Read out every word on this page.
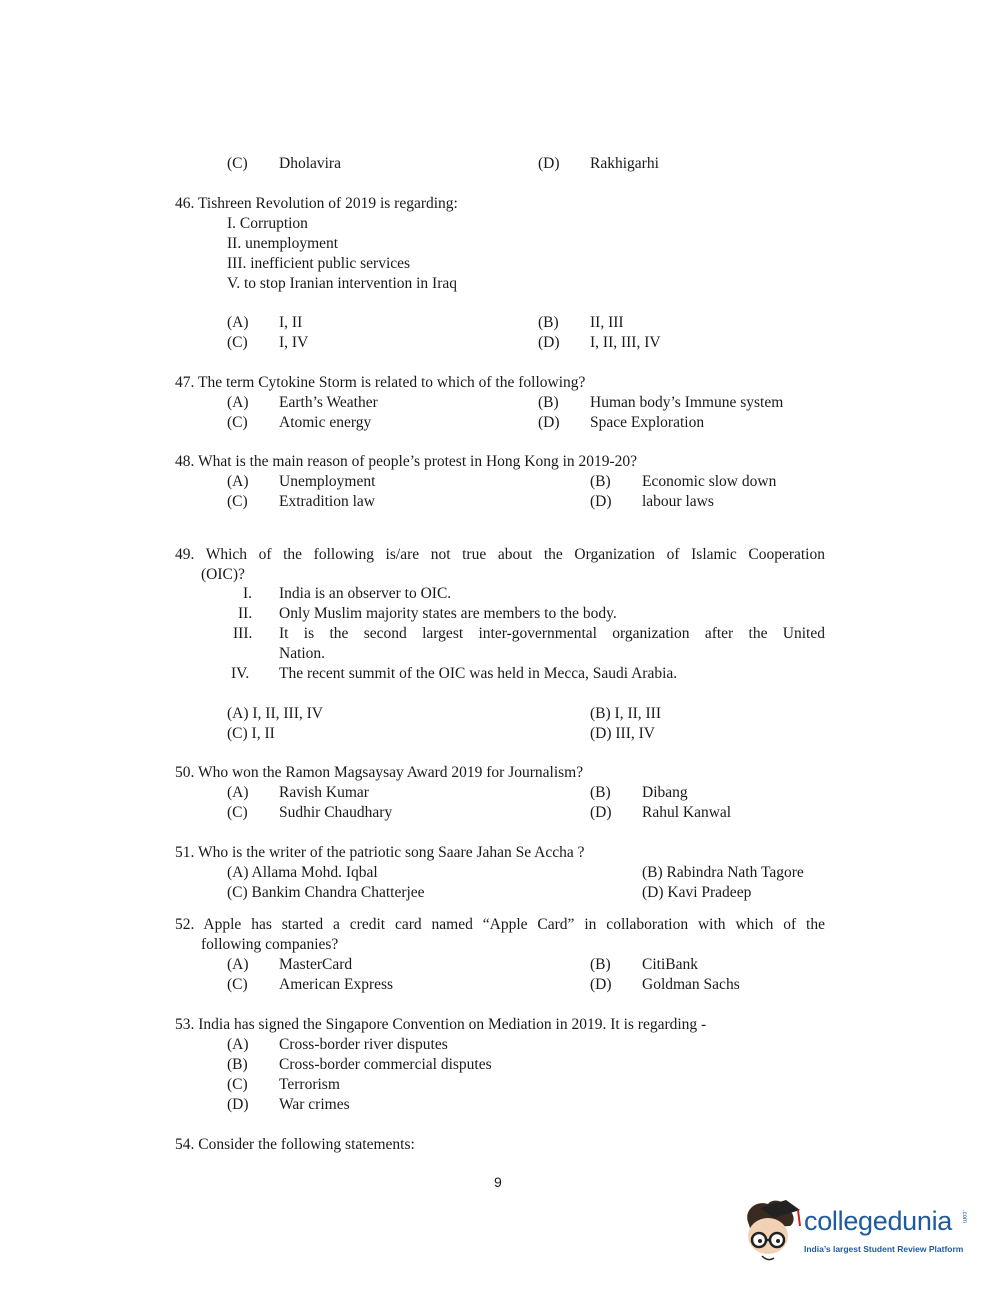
(C) Dholavira	(D) Rakhigarhi
46. Tishreen Revolution of 2019 is regarding:
I. Corruption
II. unemployment
III. inefficient public services
V. to stop Iranian intervention in Iraq
(A) I, II	(B) II, III
(C) I, IV	(D) I, II, III, IV
47. The term Cytokine Storm is related to which of the following?
(A) Earth’s Weather	(B) Human body’s Immune system
(C) Atomic energy	(D) Space Exploration
48. What is the main reason of people’s protest in Hong Kong in 2019-20?
(A) Unemployment	(B) Economic slow down
(C) Extradition law	(D) labour laws
49. Which of the following is/are not true about the Organization of Islamic Cooperation
(OIC)?
I. India is an observer to OIC.
II. Only Muslim majority states are members to the body.
III. It is the second largest inter-governmental organization after the United
Nation.
IV. The recent summit of the OIC was held in Mecca, Saudi Arabia.
(A) I, II, III, IV	(B) I, II, III
(C) I, II	(D) III, IV
50. Who won the Ramon Magsaysay Award 2019 for Journalism?
(A) Ravish Kumar	(B) Dibang
(C) Sudhir Chaudhary	(D) Rahul Kanwal
51. Who is the writer of the patriotic song Saare Jahan Se Accha ?
(A) Allama Mohd. Iqbal	(B) Rabindra Nath Tagore
(C) Bankim Chandra Chatterjee	(D) Kavi Pradeep
52. Apple has started a credit card named “Apple Card” in collaboration with which of the
following companies?
(A) MasterCard	(B) CitiBank
(C) American Express	(D) Goldman Sachs
53. India has signed the Singapore Convention on Mediation in 2019. It is regarding -
(A) Cross-border river disputes
(B) Cross-border commercial disputes
(C) Terrorism
(D) War crimes
54. Consider the following statements:
9
collegedunia .com
India’s largest Student Review Platform
